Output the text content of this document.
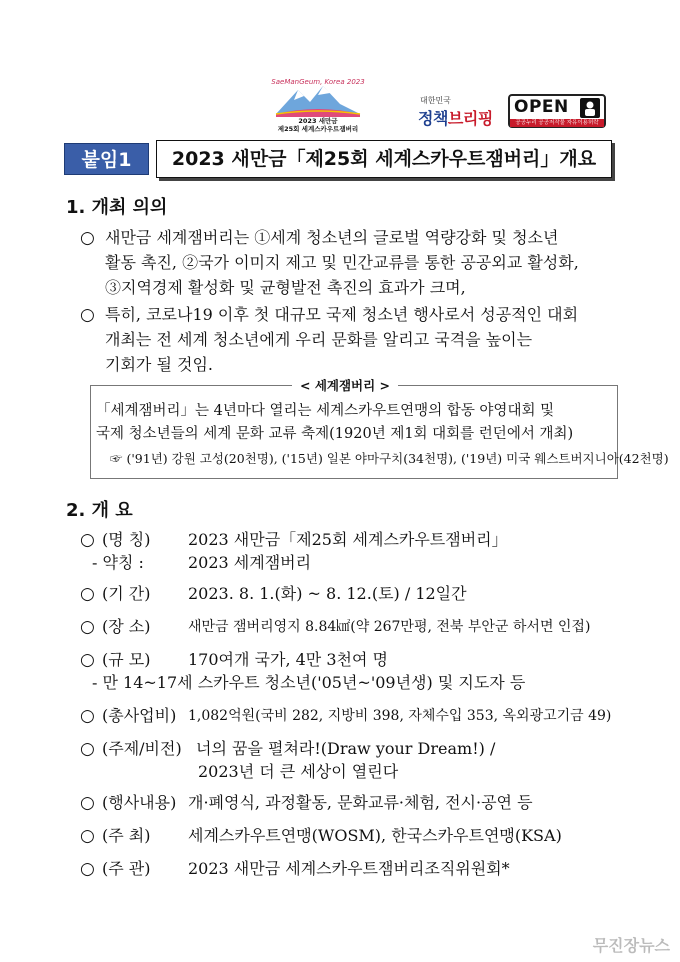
SaeManGeum, Korea 2023
2023 새만금
제25회 세계스카우트잼버리
대한민국
정책브리핑
OPEN
공공누리 공공저작물 자유이용허락
붙임1	2023 새만금「제25회 세계스카우트잼버리」개요
1. 개최 의의
○ 새만금 세계잼버리는 ①세계 청소년의 글로벌 역량강화 및 청소년
활동 촉진, ②국가 이미지 제고 및 민간교류를 통한 공공외교 활성화,
③지역경제 활성화 및 균형발전 촉진의 효과가 크며,
○ 특히, 코로나19 이후 첫 대규모 국제 청소년 행사로서 성공적인 대회
개최는 전 세계 청소년에게 우리 문화를 알리고 국격을 높이는
기회가 될 것임.
< 세계잼버리 >
「세계잼버리」는 4년마다 열리는 세계스카우트연맹의 합동 야영대회 및
국제 청소년들의 세계 문화 교류 축제(1920년 제1회 대회를 런던에서 개최)
☞ ('91년) 강원 고성(20천명), ('15년) 일본 야마구치(34천명), ('19년) 미국 웨스트버지니아(42천명)
2. 개 요
○ (명 칭) 2023 새만금「제25회 세계스카우트잼버리」
- 약칭 :	2023 세계잼버리
○ (기 간) 2023. 8. 1.(화) ~ 8. 12.(토) / 12일간
○ (장 소)	새만금 잼버리영지 8.84㎢(약 267만평, 전북 부안군 하서면 인접)
○ (규 모) 170여개 국가, 4만 3천여 명
- 만 14~17세 스카우트 청소년('05년~'09년생) 및 지도자 등
○ (총사업비) 1,082억원(국비 282, 지방비 398, 자체수입 353, 옥외광고기금 49)
○ (주제/비전) 너의 꿈을 펼쳐라!(Draw your Dream!) /
2023년 더 큰 세상이 열린다
○ (행사내용) 개·폐영식, 과정활동, 문화교류·체험, 전시·공연 등
○ (주 최) 세계스카우트연맹(WOSM), 한국스카우트연맹(KSA)
○ (주 관) 2023 새만금 세계스카우트잼버리조직위원회*
무진장뉴스
